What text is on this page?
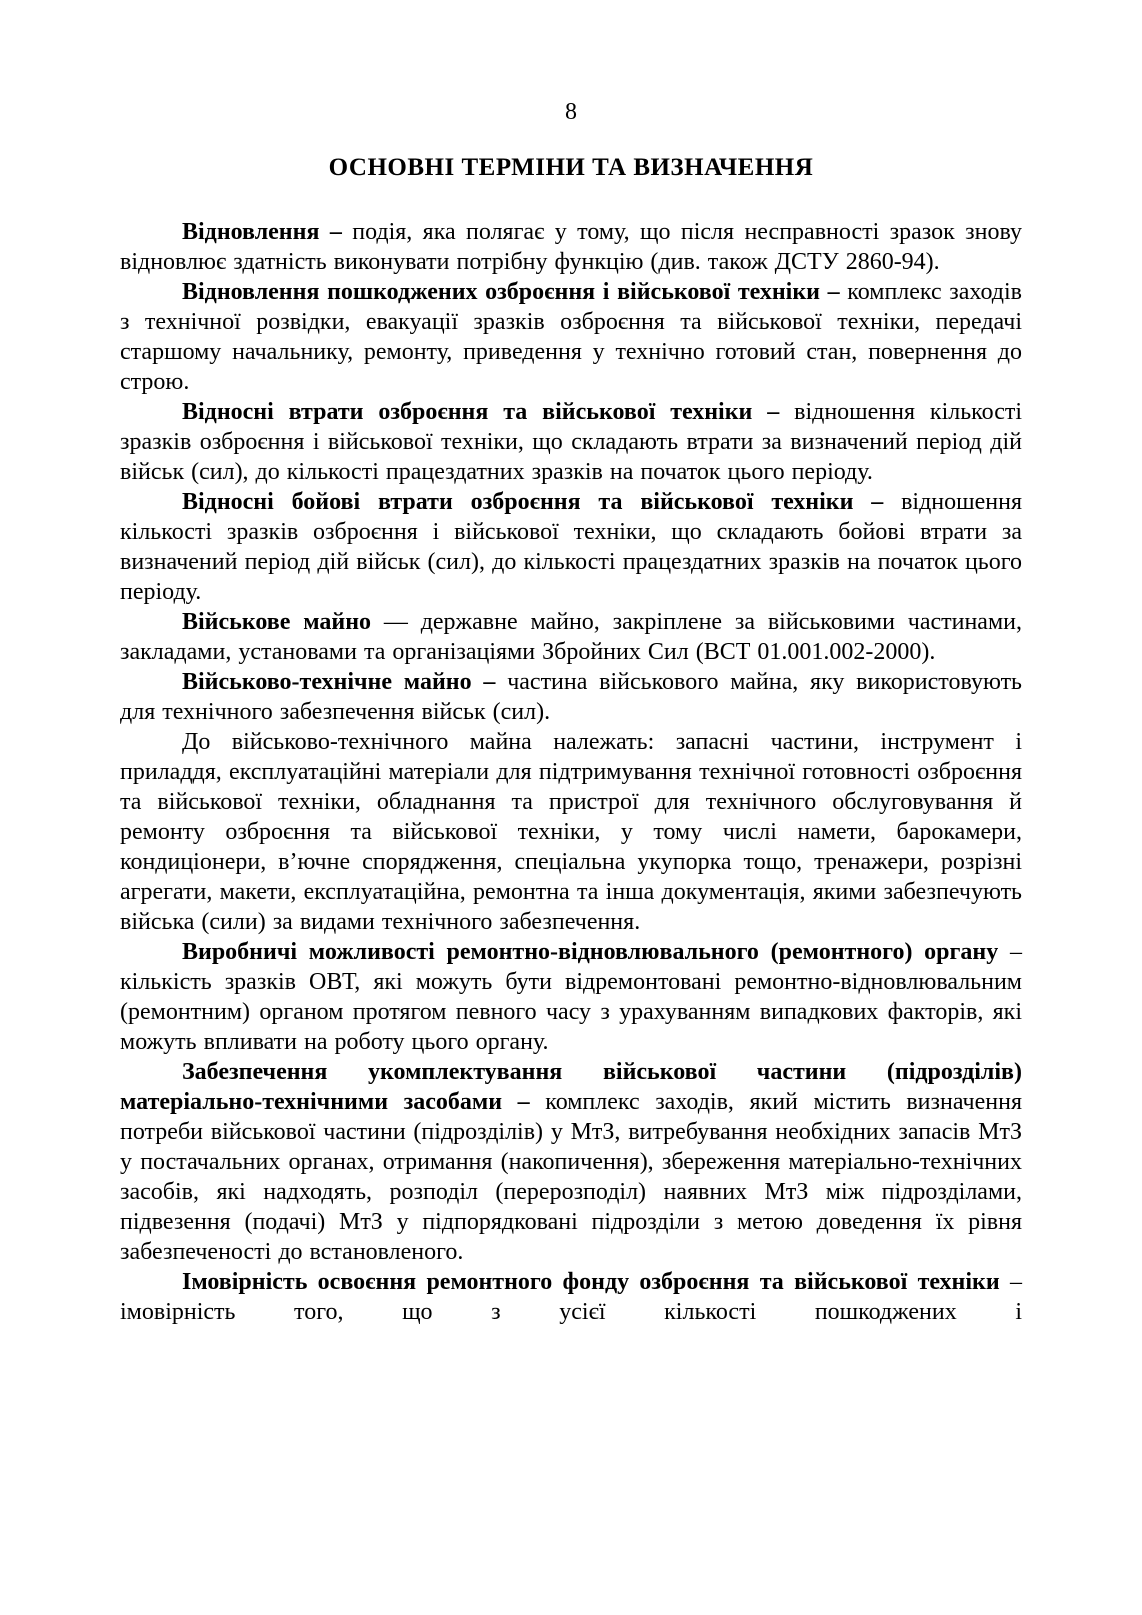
8
ОСНОВНІ ТЕРМІНИ ТА ВИЗНАЧЕННЯ

Відновлення – подія, яка полягає у тому, що після несправності зразок знову відновлює здатність виконувати потрібну функцію (див. також ДСТУ 2860-94).

Відновлення пошкоджених озброєння і військової техніки – комплекс заходів з технічної розвідки, евакуації зразків озброєння та військової техніки, передачі старшому начальнику, ремонту, приведення у технічно готовий стан, повернення до строю.

Відносні втрати озброєння та військової техніки – відношення кількості зразків озброєння і військової техніки, що складають втрати за визначений період дій військ (сил), до кількості працездатних зразків на початок цього періоду.

Відносні бойові втрати озброєння та військової техніки – відношення кількості зразків озброєння і військової техніки, що складають бойові втрати за визначений період дій військ (сил), до кількості працездатних зразків на початок цього періоду.

Військове майно — державне майно, закріплене за військовими частинами, закладами, установами та організаціями Збройних Сил (ВСТ 01.001.002-2000).

Військово-технічне майно – частина військового майна, яку використовують для технічного забезпечення військ (сил).

До військово-технічного майна належать: запасні частини, інструмент і приладдя, експлуатаційні матеріали для підтримування технічної готовності озброєння та військової техніки, обладнання та пристрої для технічного обслуговування й ремонту озброєння та військової техніки, у тому числі намети, барокамери, кондиціонери, в’ючне спорядження, спеціальна укупорка тощо, тренажери, розрізні агрегати, макети, експлуатаційна, ремонтна та інша документація, якими забезпечують війська (сили) за видами технічного забезпечення.

Виробничі можливості ремонтно-відновлювального (ремонтного) органу – кількість зразків ОВТ, які можуть бути відремонтовані ремонтно-відновлювальним (ремонтним) органом протягом певного часу з урахуванням випадкових факторів, які можуть впливати на роботу цього органу.

Забезпечення укомплектування військової частини (підрозділів) матеріально-технічними засобами – комплекс заходів, який містить визначення потреби військової частини (підрозділів) у МтЗ, витребування необхідних запасів МтЗ у постачальних органах, отримання (накопичення), збереження матеріально-технічних засобів, які надходять, розподіл (перерозподіл) наявних МтЗ між підрозділами, підвезення (подачі) МтЗ у підпорядковані підрозділи з метою доведення їх рівня забезпеченості до встановленого.

Імовірність освоєння ремонтного фонду озброєння та військової техніки – імовірність того, що з усієї кількості пошкоджених і
